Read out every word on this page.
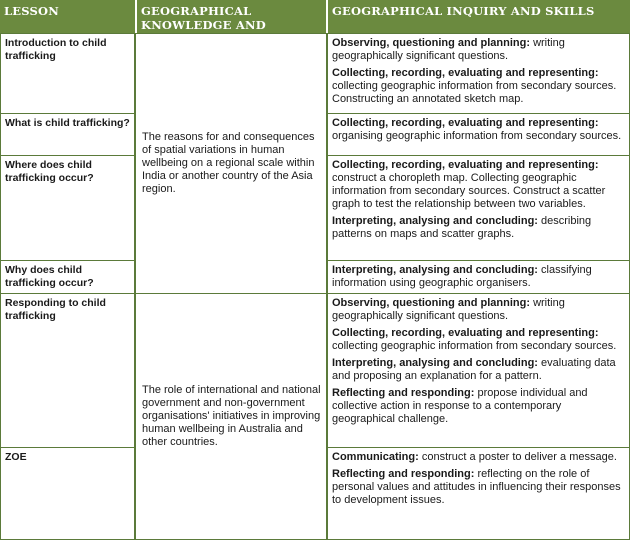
LESSON	GEOGRAPHICAL KNOWLEDGE AND UNDERSTANDING
GEOGRAPHICAL INQUIRY AND SKILLS
Introduction to child trafficking
What is child trafficking?
Where does child trafficking occur?
Why does child trafficking occur?
Responding to child trafficking
ZOE
The reasons for and consequences of spatial variations in human wellbeing on a regional scale within India or another country of the Asia region.
The role of international and national government and non-government organisations' initiatives in improving human wellbeing in Australia and other countries.

Observing, questioning and planning: writing geographically significant questions.

Collecting, recording, evaluating and representing: collecting geographic information from secondary sources. Constructing an annotated sketch map.

Collecting, recording, evaluating and representing: organising geographic information from secondary sources.

Collecting, recording, evaluating and representing: construct a choropleth map. Collecting geographic information from secondary sources. Construct a scatter graph to test the relationship between two variables.

Interpreting, analysing and concluding: describing patterns on maps and scatter graphs.

Interpreting, analysing and concluding: classifying information using geographic organisers.

Observing, questioning and planning: writing geographically significant questions.

Collecting, recording, evaluating and representing: collecting geographic information from secondary sources.

Interpreting, analysing and concluding: evaluating data and proposing an explanation for a pattern.

Reflecting and responding: propose individual and collective action in response to a contemporary geographical challenge.

Communicating: construct a poster to deliver a message.

Reflecting and responding: reflecting on the role of personal values and attitudes in influencing their responses to development issues.
